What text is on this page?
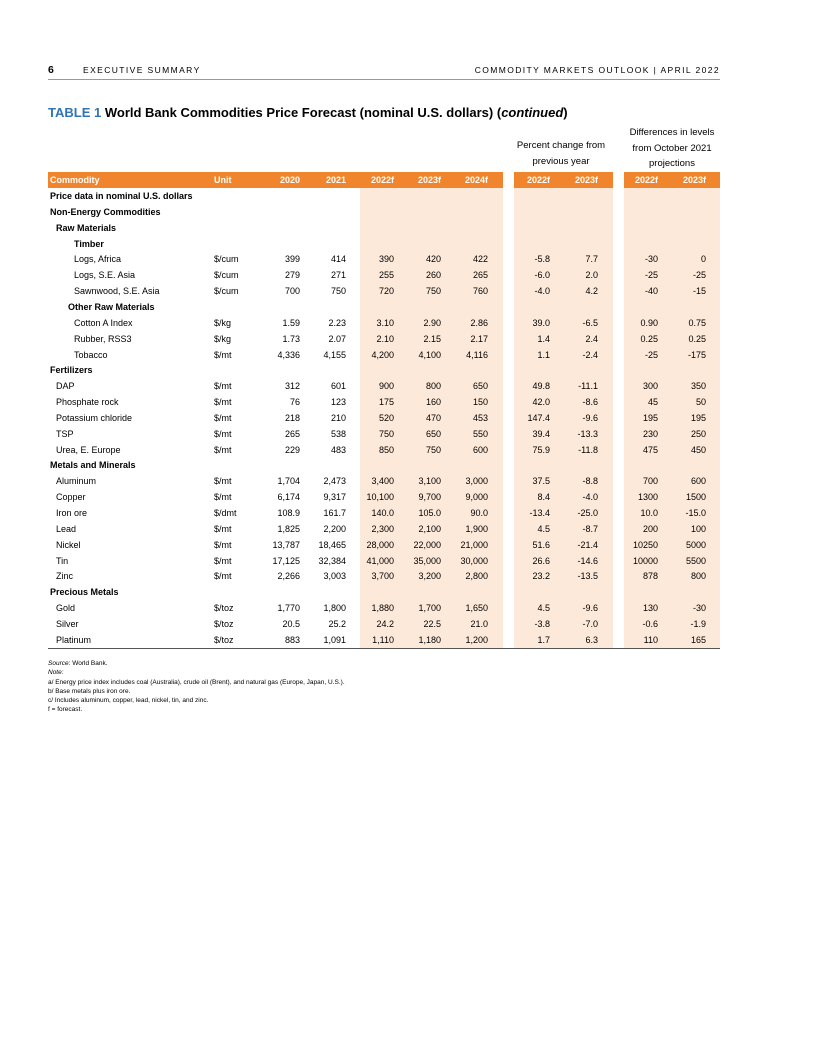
6	EXECUTIVE SUMMARY	COMMODITY MARKETS OUTLOOK | APRIL 2022
TABLE 1 World Bank Commodities Price Forecast (nominal U.S. dollars) (continued)
Percent change from
previous year
Differences in levels
from October 2021
projections
Commodity	Unit	2020	2021	2022f	2023f	2024f	2022f	2023f	2022f	2023f
Price data in nominal U.S. dollars
Non-Energy Commodities
Raw Materials
Timber
Logs, Africa	$/cum	399	414	390	420	422	-5.8	7.7	-30	0
Logs, S.E. Asia	$/cum	279	271	255	260	265	-6.0	2.0	-25	-25
Sawnwood, S.E. Asia	$/cum	700	750	720	750	760	-4.0	4.2	-40	-15
Other Raw Materials
Cotton A Index	$/kg	1.59	2.23	3.10	2.90	2.86	39.0	-6.5	0.90	0.75
Rubber, RSS3	$/kg	1.73	2.07	2.10	2.15	2.17	1.4	2.4	0.25	0.25
Tobacco	$/mt	4,336	4,155	4,200	4,100	4,116	1.1	-2.4	-25	-175
Fertilizers
DAP	$/mt	312	601	900	800	650	49.8	-11.1	300	350
Phosphate rock	$/mt	76	123	175	160	150	42.0	-8.6	45	50
Potassium chloride	$/mt	218	210	520	470	453	147.4	-9.6	195	195
TSP	$/mt	265	538	750	650	550	39.4	-13.3	230	250
Urea, E. Europe	$/mt	229	483	850	750	600	75.9	-11.8	475	450
Metals and Minerals
Aluminum	$/mt	1,704	2,473	3,400	3,100	3,000	37.5	-8.8	700	600
Copper	$/mt	6,174	9,317	10,100	9,700	9,000	8.4	-4.0	1300	1500
Iron ore	$/dmt	108.9	161.7	140.0	105.0	90.0	-13.4	-25.0	10.0	-15.0
Lead	$/mt	1,825	2,200	2,300	2,100	1,900	4.5	-8.7	200	100
Nickel	$/mt	13,787	18,465	28,000	22,000	21,000	51.6	-21.4	10250	5000
Tin	$/mt	17,125	32,384	41,000	35,000	30,000	26.6	-14.6	10000	5500
Zinc	$/mt	2,266	3,003	3,700	3,200	2,800	23.2	-13.5	878	800
Precious Metals
Gold	$/toz	1,770	1,800	1,880	1,700	1,650	4.5	-9.6	130	-30
Silver	$/toz	20.5	25.2	24.2	22.5	21.0	-3.8	-7.0	-0.6	-1.9
Platinum	$/toz	883	1,091	1,110	1,180	1,200	1.7	6.3	110	165
Source: World Bank.
Note:
a/ Energy price index includes coal (Australia), crude oil (Brent), and natural gas (Europe, Japan, U.S.).
b/ Base metals plus iron ore.
c/ Includes aluminum, copper, lead, nickel, tin, and zinc.
f = forecast.
